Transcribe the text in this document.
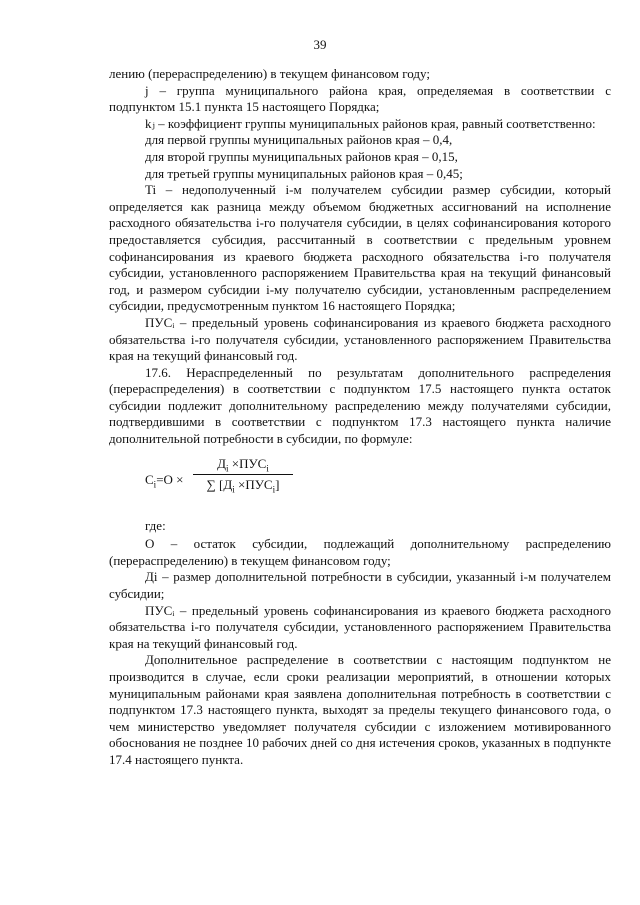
39

лению (перераспределению) в текущем финансовом году;

j – группа муниципального района края, определяемая в соответствии с подпунктом 15.1 пункта 15 настоящего Порядка;

kⱼ – коэффициент группы муниципальных районов края, равный соответственно:

для первой группы муниципальных районов края – 0,4,

для второй группы муниципальных районов края – 0,15,

для третьей группы муниципальных районов края – 0,45;

Ti – недополученный i-м получателем субсидии размер субсидии, который определяется как разница между объемом бюджетных ассигнований на исполнение расходного обязательства i-го получателя субсидии, в целях софинансирования которого предоставляется субсидия, рассчитанный в соответствии с предельным уровнем софинансирования из краевого бюджета расходного обязательства i-го получателя субсидии, установленного распоряжением Правительства края на текущий финансовый год, и размером субсидии i-му получателю субсидии, установленным распределением субсидии, предусмотренным пунктом 16 настоящего Порядка;

ПУСᵢ – предельный уровень софинансирования из краевого бюджета расходного обязательства i-го получателя субсидии, установленного распоряжением Правительства края на текущий финансовый год.

17.6. Нераспределенный по результатам дополнительного распределения (перераспределения) в соответствии с подпунктом 17.5 настоящего пункта остаток субсидии подлежит дополнительному распределению между получателями субсидии, подтвердившими в соответствии с подпунктом 17.3 настоящего пункта наличие дополнительной потребности в субсидии, по формуле:

$C_i=O$ ×
$Д_i \times ПУС_i$
∑ $[Д_i \times ПУС_i]$

где:

О – остаток субсидии, подлежащий дополнительному распределению (перераспределению) в текущем финансовом году;

Дi – размер дополнительной потребности в субсидии, указанный i-м получателем субсидии;

ПУСᵢ – предельный уровень софинансирования из краевого бюджета расходного обязательства i-го получателя субсидии, установленного распоряжением Правительства края на текущий финансовый год.

Дополнительное распределение в соответствии с настоящим подпунктом не производится в случае, если сроки реализации мероприятий, в отношении которых муниципальным районами края заявлена дополнительная потребность в соответствии с подпунктом 17.3 настоящего пункта, выходят за пределы текущего финансового года, о чем министерство уведомляет получателя субсидии с изложением мотивированного обоснования не позднее 10 рабочих дней со дня истечения сроков, указанных в подпункте 17.4 настоящего пункта.
